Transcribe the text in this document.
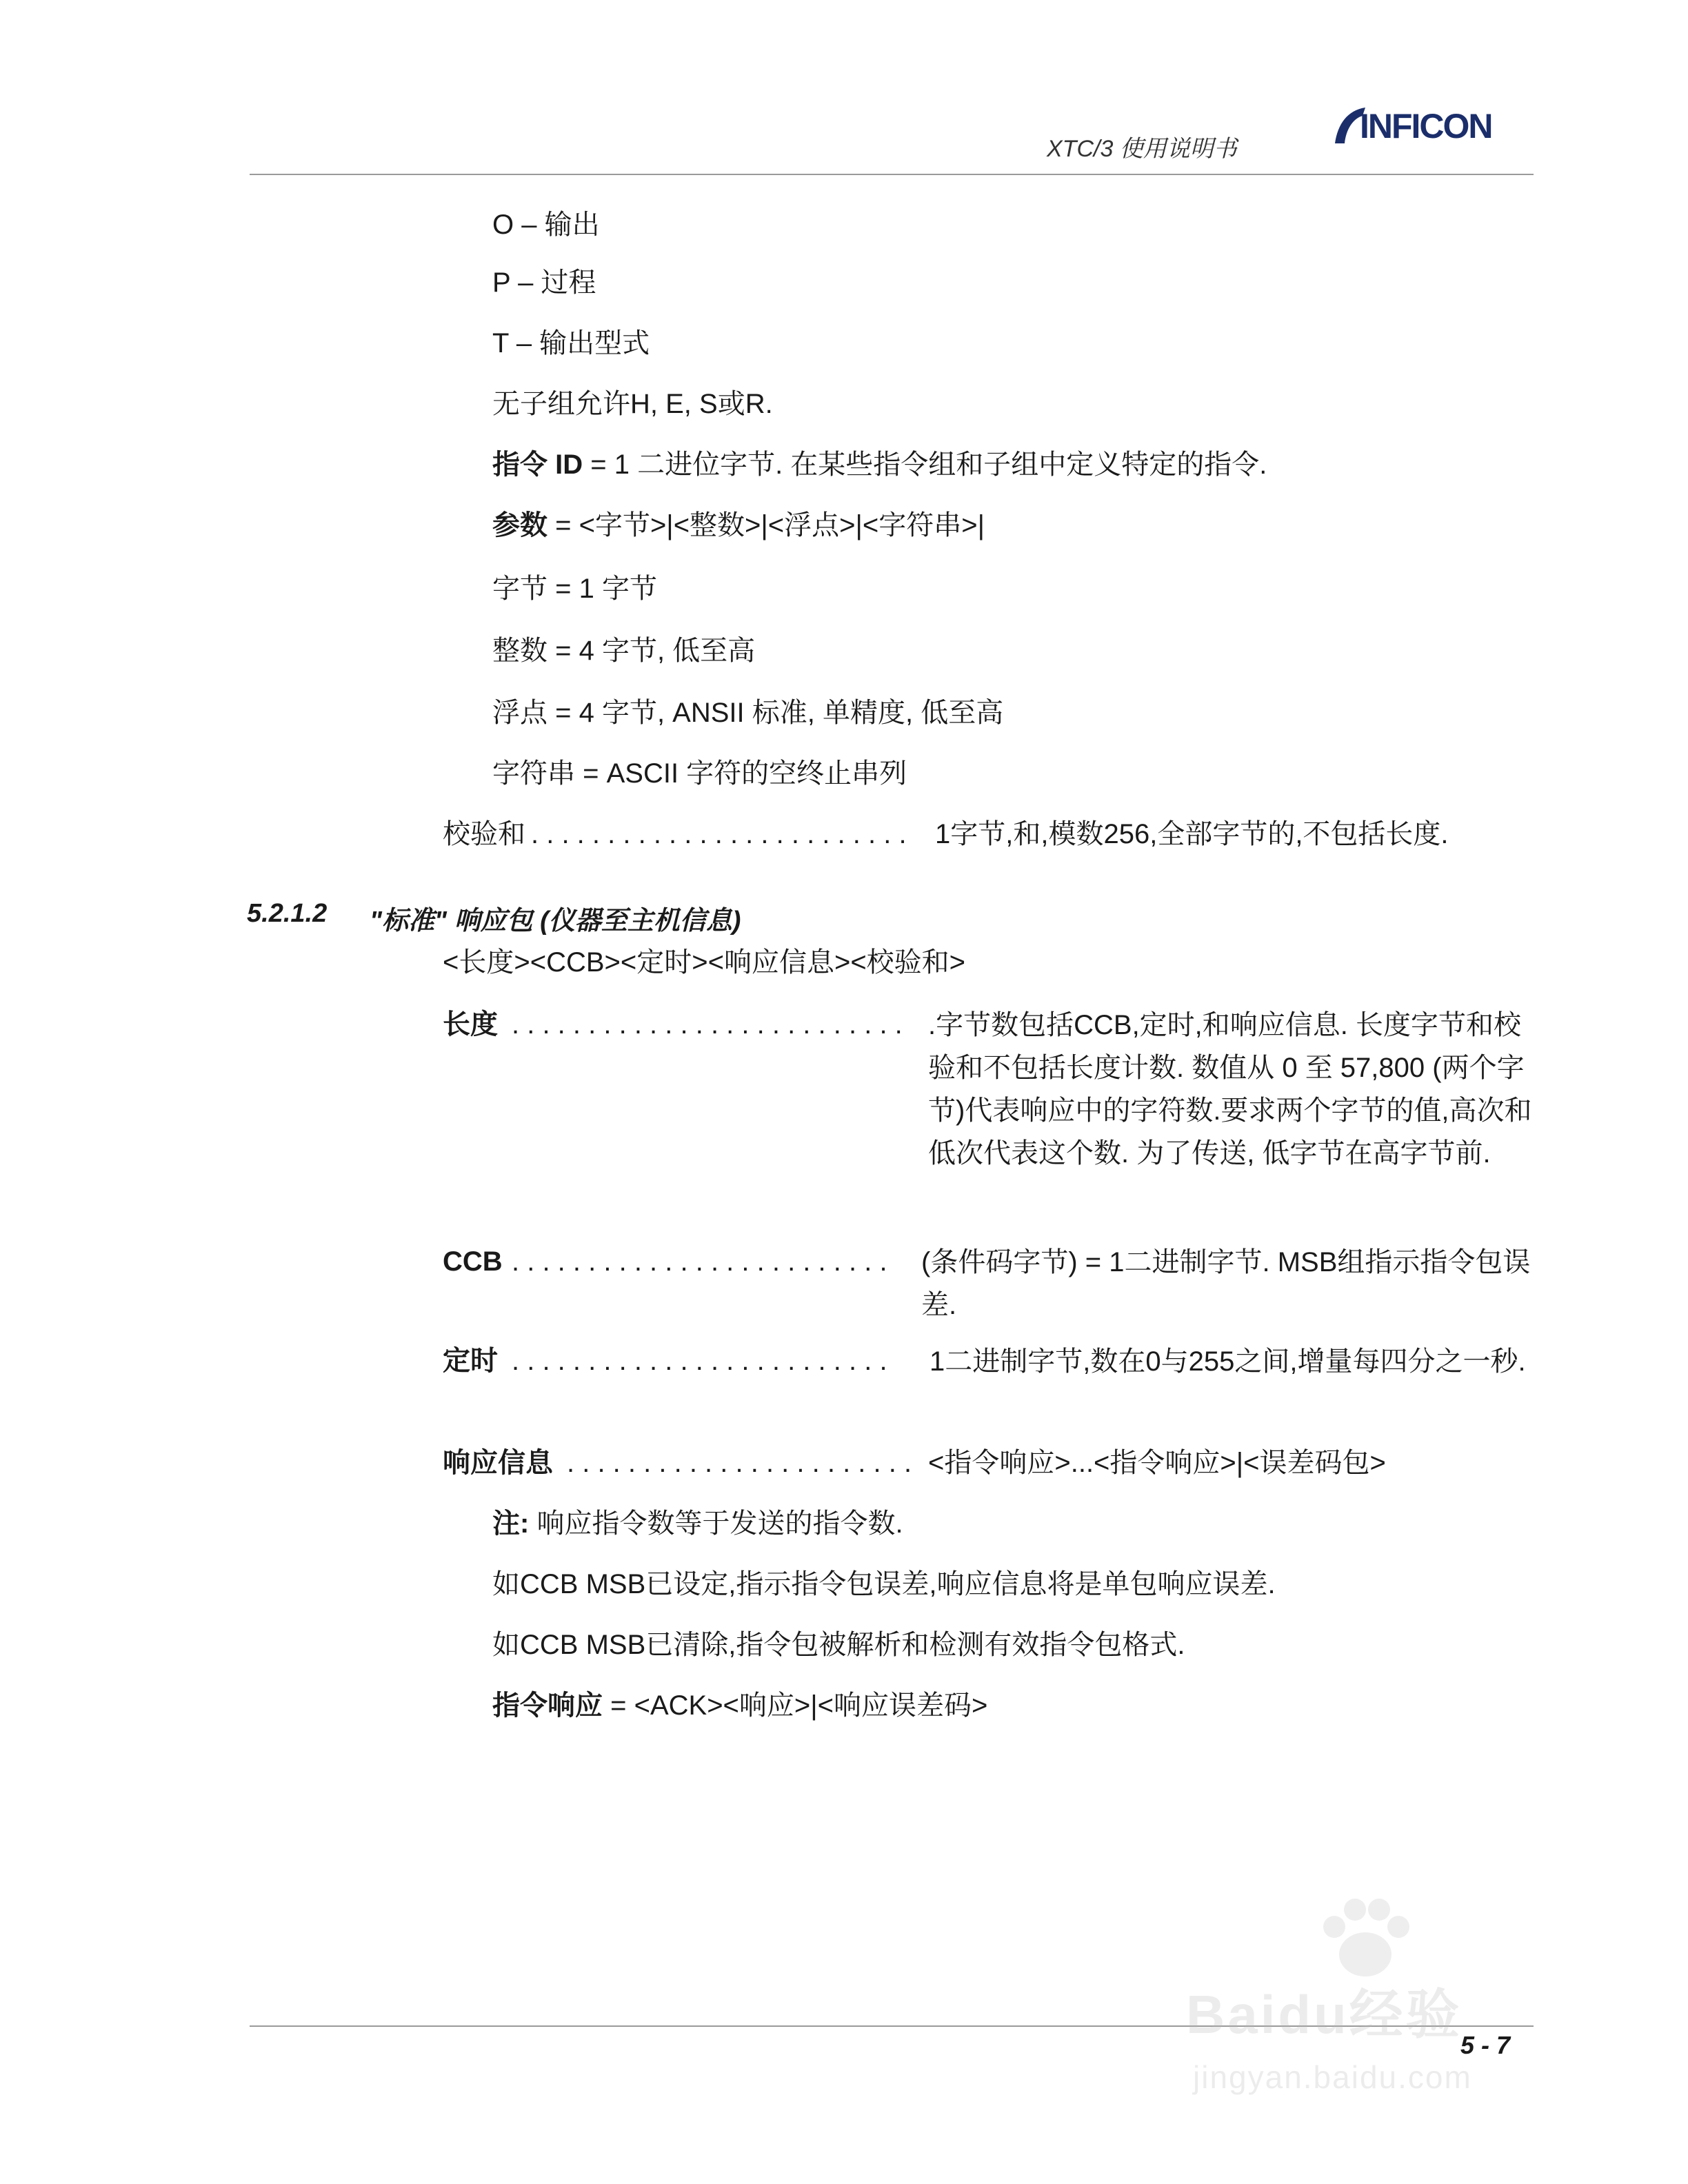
XTC/3 使用说明书
INFICON
O – 输出
P – 过程
T – 输出型式
无子组允许H, E, S或R.
指令 ID = 1 二进位字节. 在某些指令组和子组中定义特定的指令.
参数 = <字节>|<整数>|<浮点>|<字符串>|
字节 = 1 字节
整数 = 4 字节, 低至高
浮点 = 4 字节, ANSII 标准, 单精度, 低至高
字符串 = ASCII 字符的空终止串列
校验和 . . . . . . . . . . . . . . . . . . . . . . . . . 1字节,和,模数256,全部字节的,不包括长度.
5.2.1.2 "标准" 响应包 (仪器至主机信息)
<长度><CCB><定时><响应信息><校验和>
长度 . . . . . . . . . . . . . . . . . . . . . . . . . . .字节数包括CCB,定时,和响应信息. 长度字节和校验和不包括长度计数. 数值从 0 至 57,800 (两个字节)代表响应中的字符数.要求两个字节的值,高次和低次代表这个数. 为了传送, 低字节在高字节前.
CCB . . . . . . . . . . . . . . . . . . . . . . . . . (条件码字节) = 1二进制字节. MSB组指示指令包误差.
定时 . . . . . . . . . . . . . . . . . . . . . . . . . 1二进制字节,数在0与255之间,增量每四分之一秒.
响应信息 . . . . . . . . . . . . . . . . . . . . . . . <指令响应>...<指令响应>|<误差码包>
注: 响应指令数等于发送的指令数.
如CCB MSB已设定,指示指令包误差,响应信息将是单包响应误差.
如CCB MSB已清除,指令包被解析和检测有效指令包格式.
指令响应 = <ACK><响应>|<响应误差码>
5 - 7
Baidu经验
jingyan.baidu.com
